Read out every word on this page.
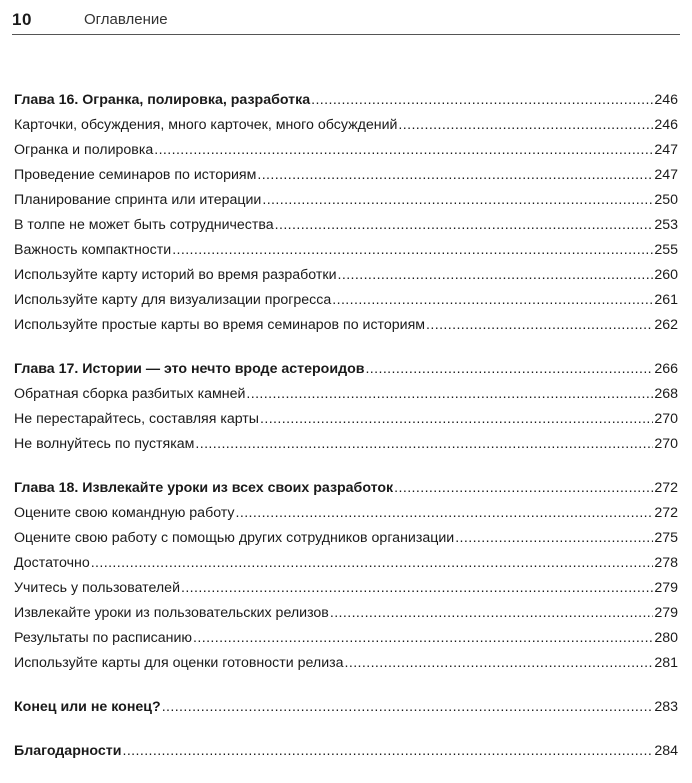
10	Оглавление
Глава 16. Огранка, полировка, разработка .....	246
Карточки, обсуждения, много карточек, много обсуждений .....	246
Огранка и полировка .....	247
Проведение семинаров по историям .....	247
Планирование спринта или итерации .....	250
В толпе не может быть сотрудничества .....	253
Важность компактности .....	255
Используйте карту историй во время разработки .....	260
Используйте карту для визуализации прогресса .....	261
Используйте простые карты во время семинаров по историям .....	262
Глава 17. Истории — это нечто вроде астероидов .....	266
Обратная сборка разбитых камней .....	268
Не перестарайтесь, составляя карты .....	270
Не волнуйтесь по пустякам .....	270
Глава 18. Извлекайте уроки из всех своих разработок .....	272
Оцените свою командную работу .....	272
Оцените свою работу с помощью других сотрудников организации .....	275
Достаточно .....	278
Учитесь у пользователей .....	279
Извлекайте уроки из пользовательских релизов .....	279
Результаты по расписанию .....	280
Используйте карты для оценки готовности релиза .....	281
Конец или не конец? .....	283
Благодарности .....	284
